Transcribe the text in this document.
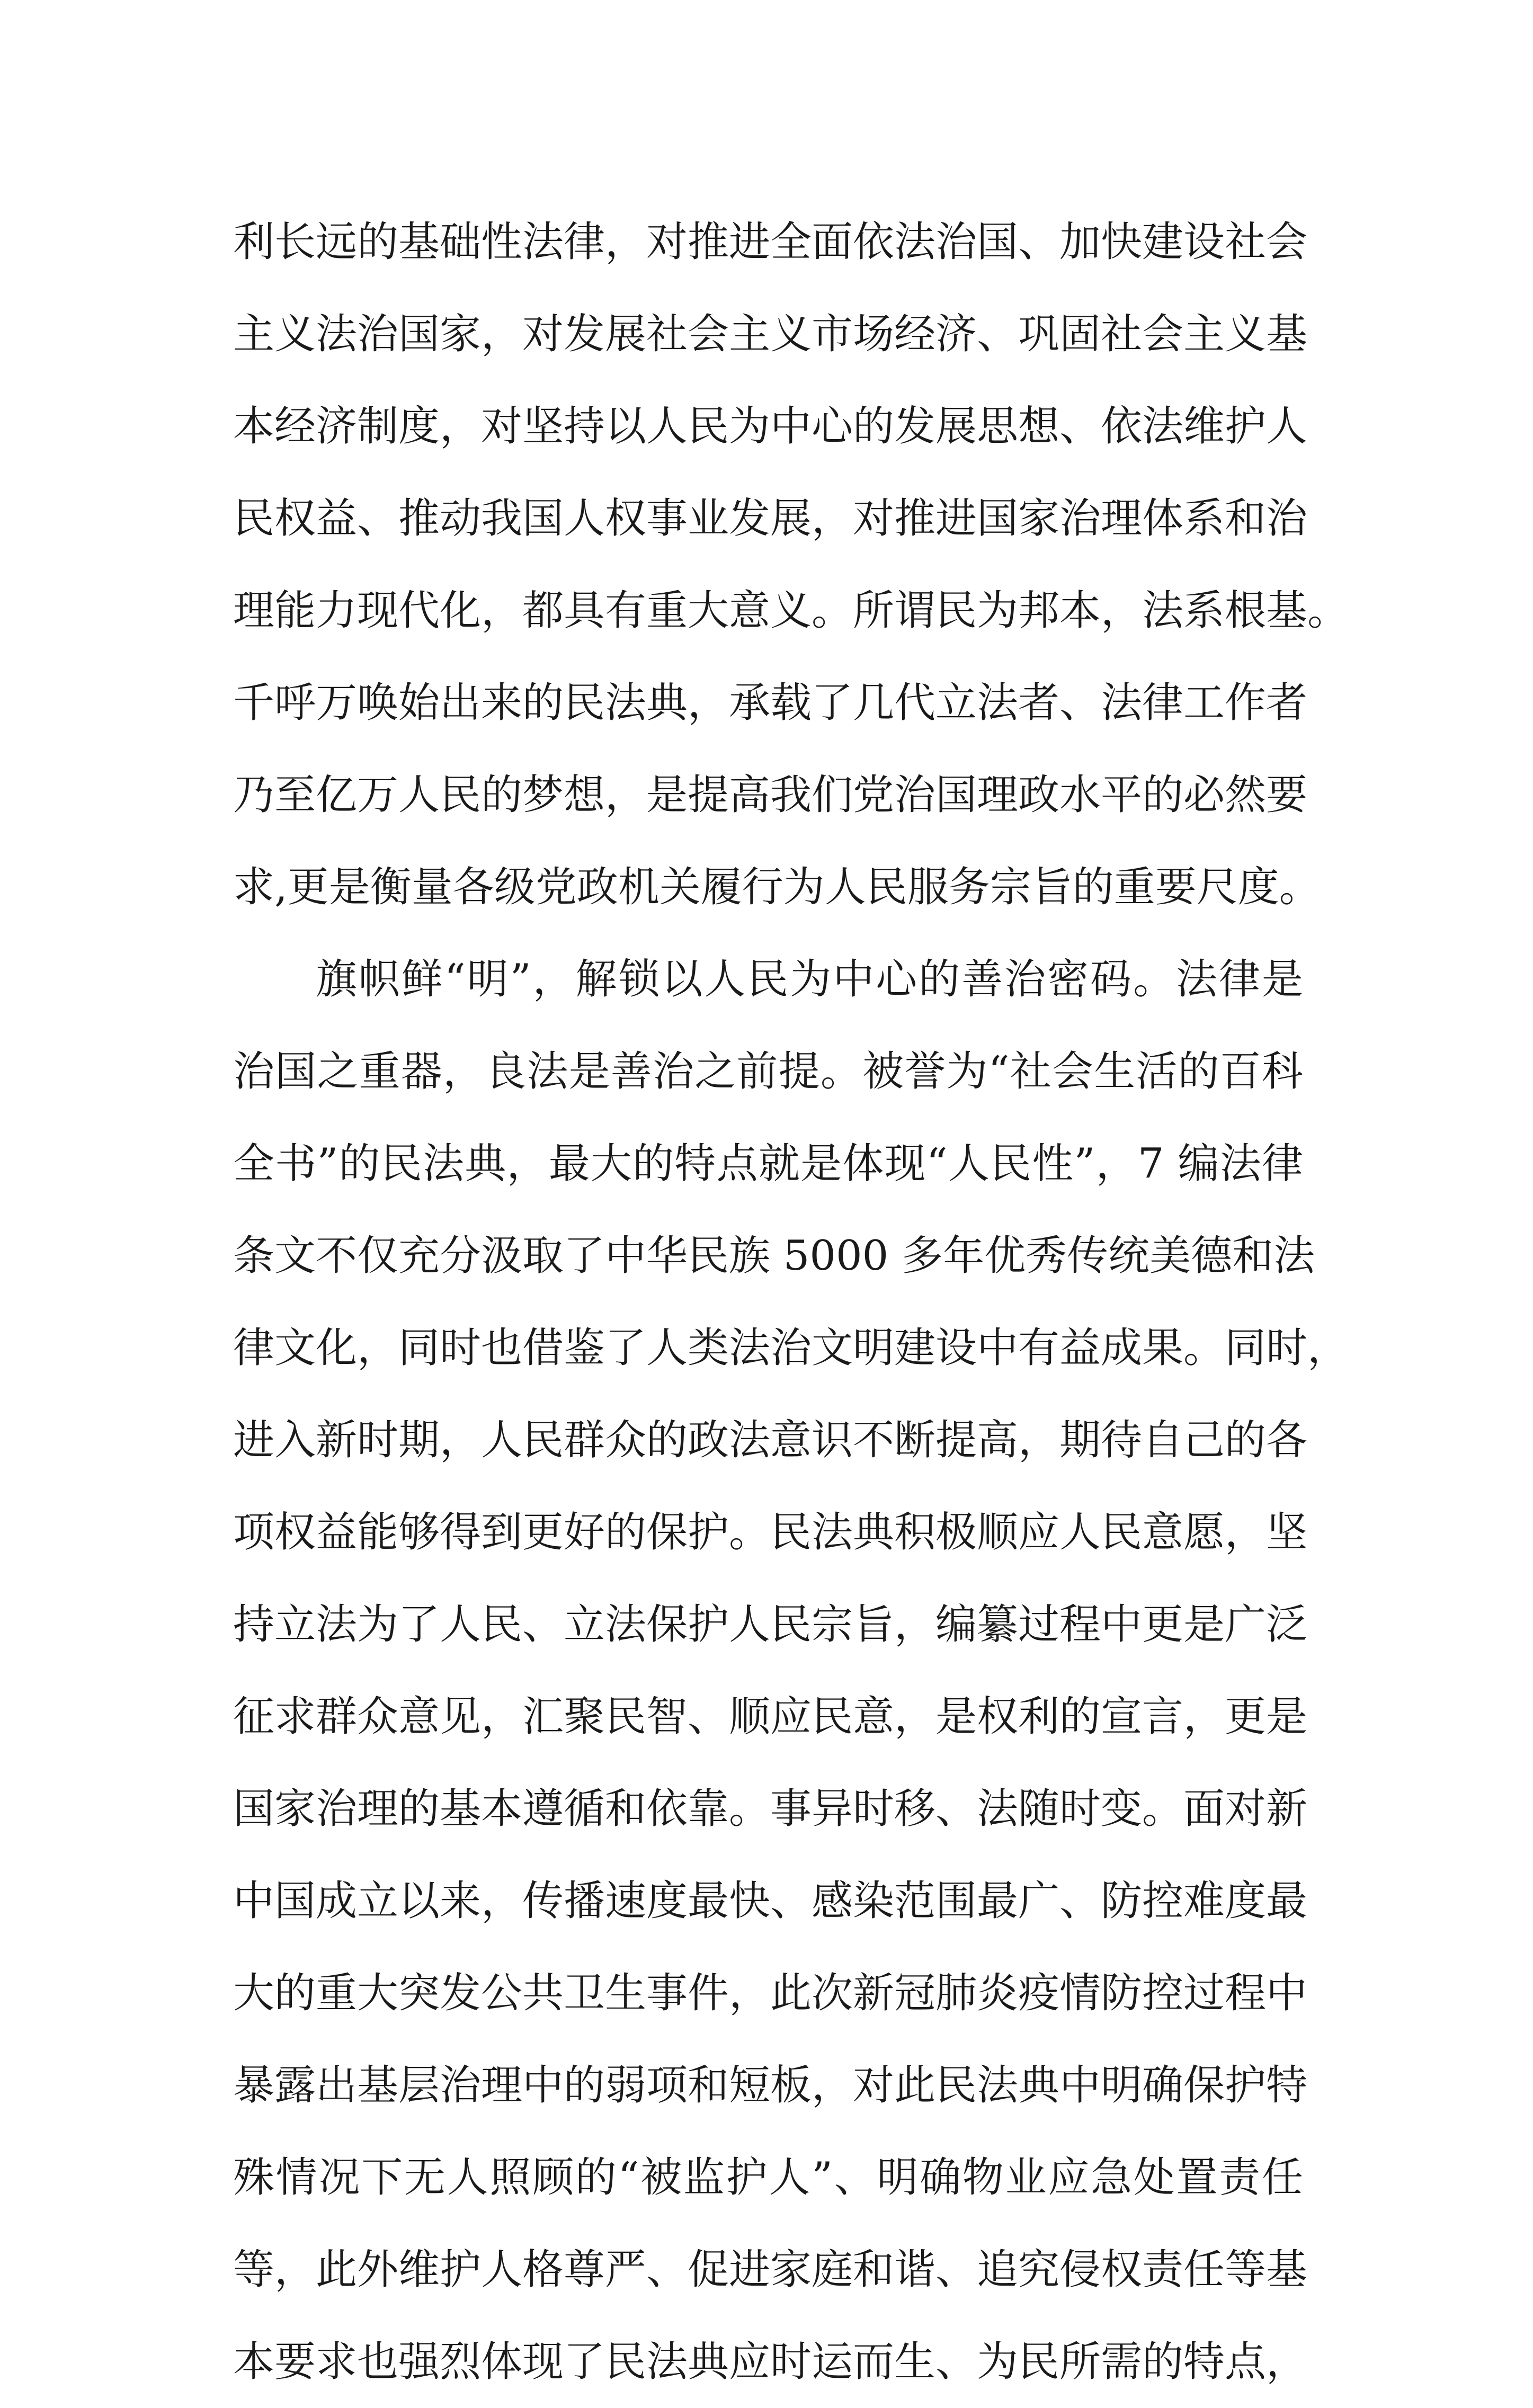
利长远的基础性法律，对推进全面依法治国、加快建设社会
主义法治国家，对发展社会主义市场经济、巩固社会主义基
本经济制度，对坚持以人民为中心的发展思想、依法维护人
民权益、推动我国人权事业发展，对推进国家治理体系和治
理能力现代化，都具有重大意义。所谓民为邦本，法系根基。
千呼万唤始出来的民法典，承载了几代立法者、法律工作者
乃至亿万人民的梦想，是提高我们党治国理政水平的必然要
求,更是衡量各级党政机关履行为人民服务宗旨的重要尺度。
旗帜鲜“明”，解锁以人民为中心的善治密码。法律是
治国之重器，良法是善治之前提。被誉为“社会生活的百科
全书”的民法典，最大的特点就是体现“人民性”，7 编法律
条文不仅充分汲取了中华民族 5000 多年优秀传统美德和法
律文化，同时也借鉴了人类法治文明建设中有益成果。同时，
进入新时期，人民群众的政法意识不断提高，期待自己的各
项权益能够得到更好的保护。民法典积极顺应人民意愿，坚
持立法为了人民、立法保护人民宗旨，编纂过程中更是广泛
征求群众意见，汇聚民智、顺应民意，是权利的宣言，更是
国家治理的基本遵循和依靠。事异时移、法随时变。面对新
中国成立以来，传播速度最快、感染范围最广、防控难度最
大的重大突发公共卫生事件，此次新冠肺炎疫情防控过程中
暴露出基层治理中的弱项和短板，对此民法典中明确保护特
殊情况下无人照顾的“被监护人”、明确物业应急处置责任
等，此外维护人格尊严、促进家庭和谐、追究侵权责任等基
本要求也强烈体现了民法典应时运而生、为民所需的特点，
